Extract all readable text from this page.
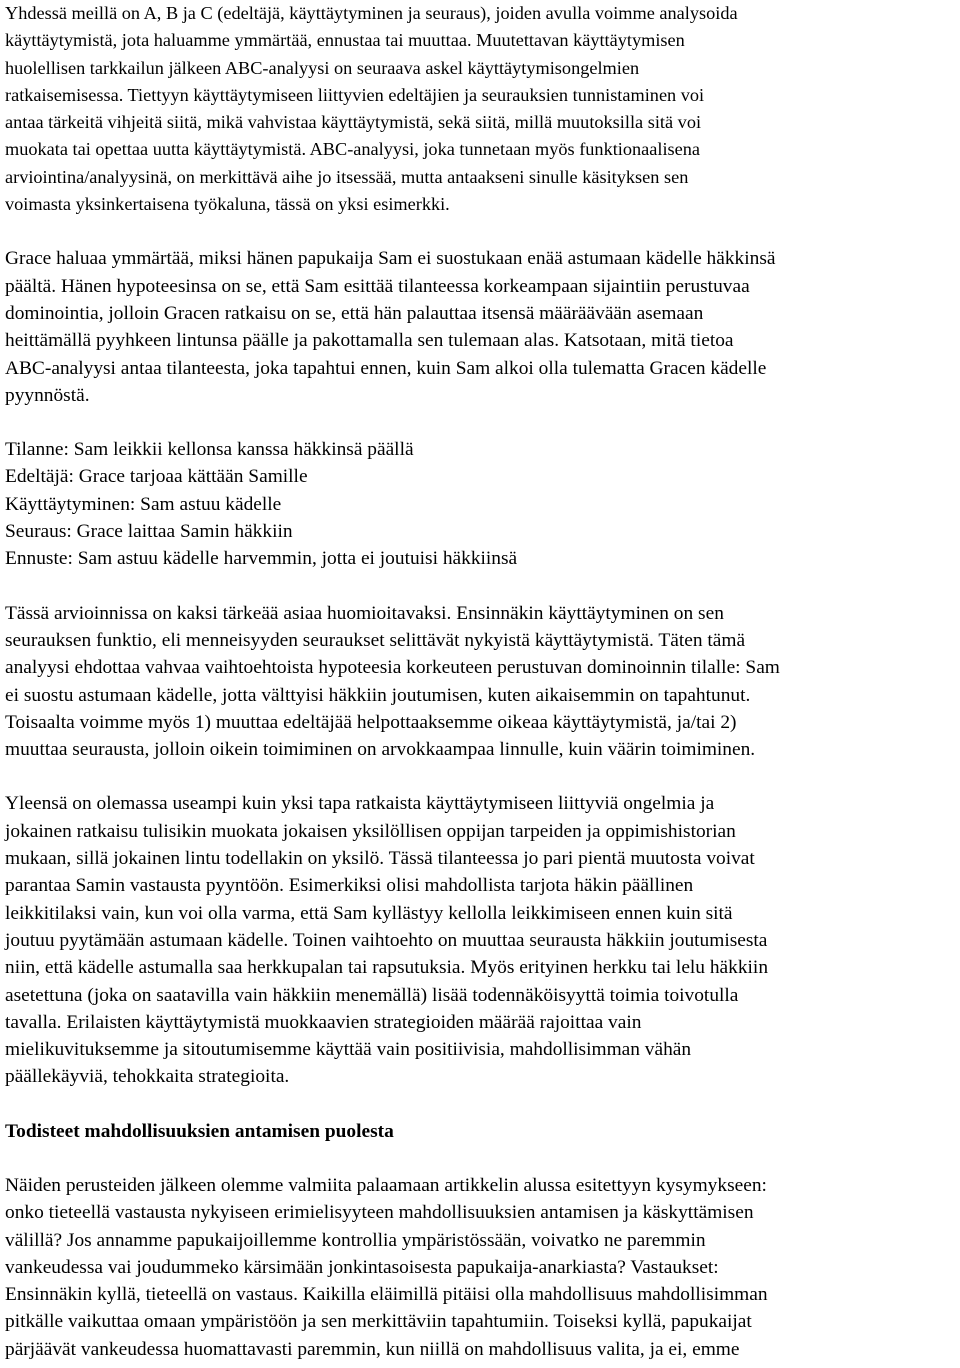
Yhdessä meillä on A, B ja C (edeltäjä, käyttäytyminen ja seuraus), joiden avulla voimme analysoida
käyttäytymistä, jota haluamme ymmärtää, ennustaa tai muuttaa. Muutettavan käyttäytymisen
huolellisen tarkkailun jälkeen ABC-analyysi on seuraava askel käyttäytymisongelmien
ratkaisemisessa. Tiettyyn käyttäytymiseen liittyvien edeltäjien ja seurauksien tunnistaminen voi
antaa tärkeitä vihjeitä siitä, mikä vahvistaa käyttäytymistä, sekä siitä, millä muutoksilla sitä voi
muokata tai opettaa uutta käyttäytymistä. ABC-analyysi, joka tunnetaan myös funktionaalisena
arviointina/analyysinä, on merkittävä aihe jo itsessää, mutta antaakseni sinulle käsityksen sen
voimasta yksinkertaisena työkaluna, tässä on yksi esimerkki.

Grace haluaa ymmärtää, miksi hänen papukaija Sam ei suostukaan enää astumaan kädelle häkkinsä
päältä. Hänen hypoteesinsa on se, että Sam esittää tilanteessa korkeampaan sijaintiin perustuvaa
dominointia, jolloin Gracen ratkaisu on se, että hän palauttaa itsensä määräävään asemaan
heittämällä pyyhkeen lintunsa päälle ja pakottamalla sen tulemaan alas. Katsotaan, mitä tietoa
ABC-analyysi antaa tilanteesta, joka tapahtui ennen, kuin Sam alkoi olla tulematta Gracen kädelle
pyynnöstä.

Tilanne: Sam leikkii kellonsa kanssa häkkinsä päällä
Edeltäjä: Grace tarjoaa kättään Samille
Käyttäytyminen: Sam astuu kädelle
Seuraus: Grace laittaa Samin häkkiin
Ennuste: Sam astuu kädelle harvemmin, jotta ei joutuisi häkkiinsä

Tässä arvioinnissa on kaksi tärkeää asiaa huomioitavaksi. Ensinnäkin käyttäytyminen on sen
seurauksen funktio, eli menneisyyden seuraukset selittävät nykyistä käyttäytymistä. Täten tämä
analyysi ehdottaa vahvaa vaihtoehtoista hypoteesia korkeuteen perustuvan dominoinnin tilalle: Sam
ei suostu astumaan kädelle, jotta välttyisi häkkiin joutumisen, kuten aikaisemmin on tapahtunut.
Toisaalta voimme myös 1) muuttaa edeltäjää helpottaaksemme oikeaa käyttäytymistä, ja/tai 2)
muuttaa seurausta, jolloin oikein toimiminen on arvokkaampaa linnulle, kuin väärin toimiminen.

Yleensä on olemassa useampi kuin yksi tapa ratkaista käyttäytymiseen liittyviä ongelmia ja
jokainen ratkaisu tulisikin muokata jokaisen yksilöllisen oppijan tarpeiden ja oppimishistorian
mukaan, sillä jokainen lintu todellakin on yksilö. Tässä tilanteessa jo pari pientä muutosta voivat
parantaa Samin vastausta pyyntöön. Esimerkiksi olisi mahdollista tarjota häkin päällinen
leikkitilaksi vain, kun voi olla varma, että Sam kyllästyy kellolla leikkimiseen ennen kuin sitä
joutuu pyytämään astumaan kädelle. Toinen vaihtoehto on muuttaa seurausta häkkiin joutumisesta
niin, että kädelle astumalla saa herkkupalan tai rapsutuksia. Myös erityinen herkku tai lelu häkkiin
asetettuna (joka on saatavilla vain häkkiin menemällä) lisää todennäköisyyttä toimia toivotulla
tavalla. Erilaisten käyttäytymistä muokkaavien strategioiden määrää rajoittaa vain
mielikuvituksemme ja sitoutumisemme käyttää vain positiivisia, mahdollisimman vähän
päällekäyviä, tehokkaita strategioita.

Todisteet mahdollisuuksien antamisen puolesta

Näiden perusteiden jälkeen olemme valmiita palaamaan artikkelin alussa esitettyyn kysymykseen:
onko tieteellä vastausta nykyiseen erimielisyyteen mahdollisuuksien antamisen ja käskyttämisen
välillä? Jos annamme papukaijoillemme kontrollia ympäristössään, voivatko ne paremmin
vankeudessa vai joudummeko kärsimään jonkintasoisesta papukaija-anarkiasta? Vastaukset:
Ensinnäkin kyllä, tieteellä on vastaus. Kaikilla eläimillä pitäisi olla mahdollisuus mahdollisimman
pitkälle vaikuttaa omaan ympäristöön ja sen merkittäviin tapahtumiin. Toiseksi kyllä, papukaijat
pärjäävät vankeudessa huomattavasti paremmin, kun niillä on mahdollisuus valita, ja ei, emme
